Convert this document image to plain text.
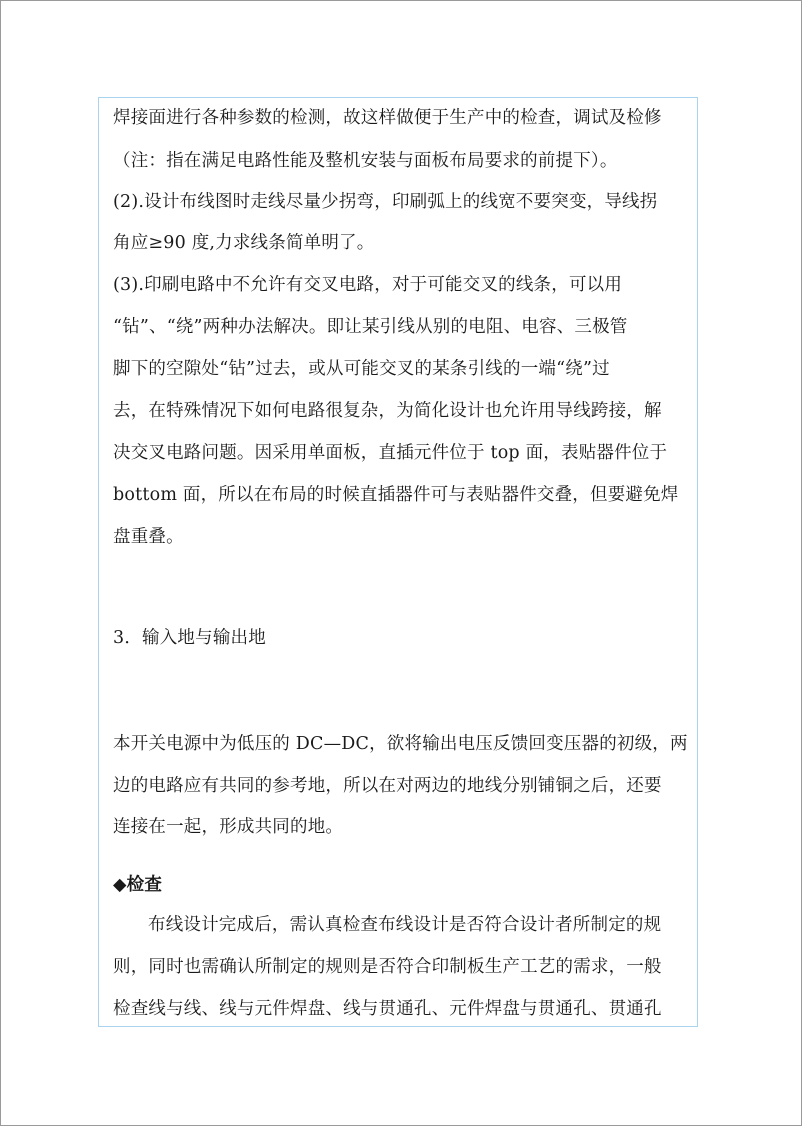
焊接面进行各种参数的检测，故这样做便于生产中的检查，调试及检修
（注：指在满足电路性能及整机安装与面板布局要求的前提下）。
(2).设计布线图时走线尽量少拐弯，印刷弧上的线宽不要突变，导线拐
角应≥90 度,力求线条简单明了。
(3).印刷电路中不允许有交叉电路，对于可能交叉的线条，可以用
“钻”、“绕”两种办法解决。即让某引线从别的电阻、电容、三极管
脚下的空隙处“钻”过去，或从可能交叉的某条引线的一端“绕”过
去，在特殊情况下如何电路很复杂，为简化设计也允许用导线跨接，解
决交叉电路问题。因采用单面板，直插元件位于 top 面，表贴器件位于
bottom 面，所以在布局的时候直插器件可与表贴器件交叠，但要避免焊
盘重叠。
3．输入地与输出地
本开关电源中为低压的 DC—DC，欲将输出电压反馈回变压器的初级，两
边的电路应有共同的参考地，所以在对两边的地线分别铺铜之后，还要
连接在一起，形成共同的地。
◆检查
布线设计完成后，需认真检查布线设计是否符合设计者所制定的规
则，同时也需确认所制定的规则是否符合印制板生产工艺的需求，一般
检查线与线、线与元件焊盘、线与贯通孔、元件焊盘与贯通孔、贯通孔
